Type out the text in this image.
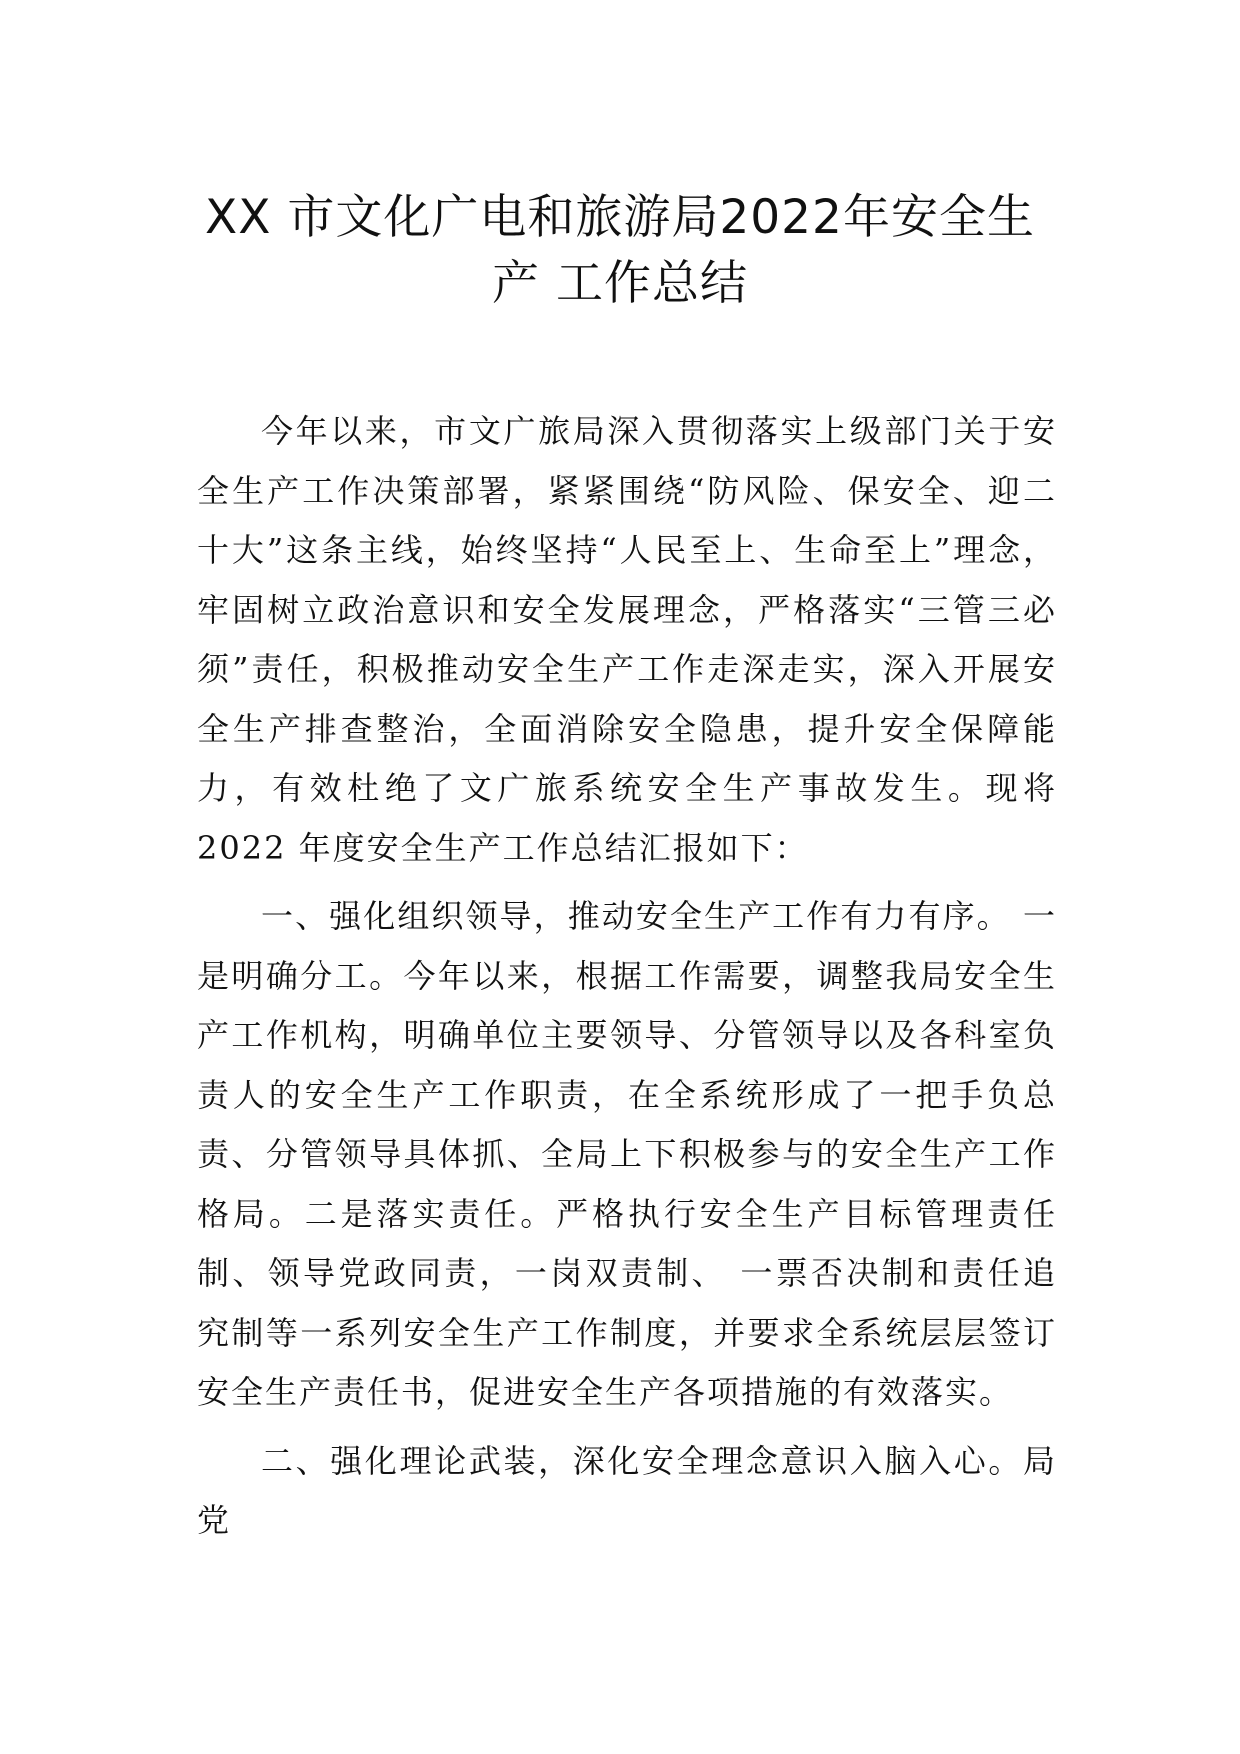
XX 市文化广电和旅游局2022年安全生
产 工作总结

今年以来，市文广旅局深入贯彻落实上级部门关于安全生产工作决策部署，紧紧围绕“防风险、保安全、迎二十大”这条主线，始终坚持“人民至上、生命至上”理念，牢固树立政治意识和安全发展理念，严格落实“三管三必须”责任，积极推动安全生产工作走深走实，深入开展安全生产排查整治，全面消除安全隐患，提升安全保障能力，有效杜绝了文广旅系统安全生产事故发生。现将2022 年度安全生产工作总结汇报如下：

一、强化组织领导，推动安全生产工作有力有序。 一是明确分工。今年以来，根据工作需要，调整我局安全生产工作机构，明确单位主要领导、分管领导以及各科室负责人的安全生产工作职责，在全系统形成了一把手负总责、分管领导具体抓、全局上下积极参与的安全生产工作格局。二是落实责任。严格执行安全生产目标管理责任制、领导党政同责，一岗双责制、 一票否决制和责任追究制等一系列安全生产工作制度，并要求全系统层层签订安全生产责任书，促进安全生产各项措施的有效落实。

二、强化理论武装，深化安全理念意识入脑入心。局党
